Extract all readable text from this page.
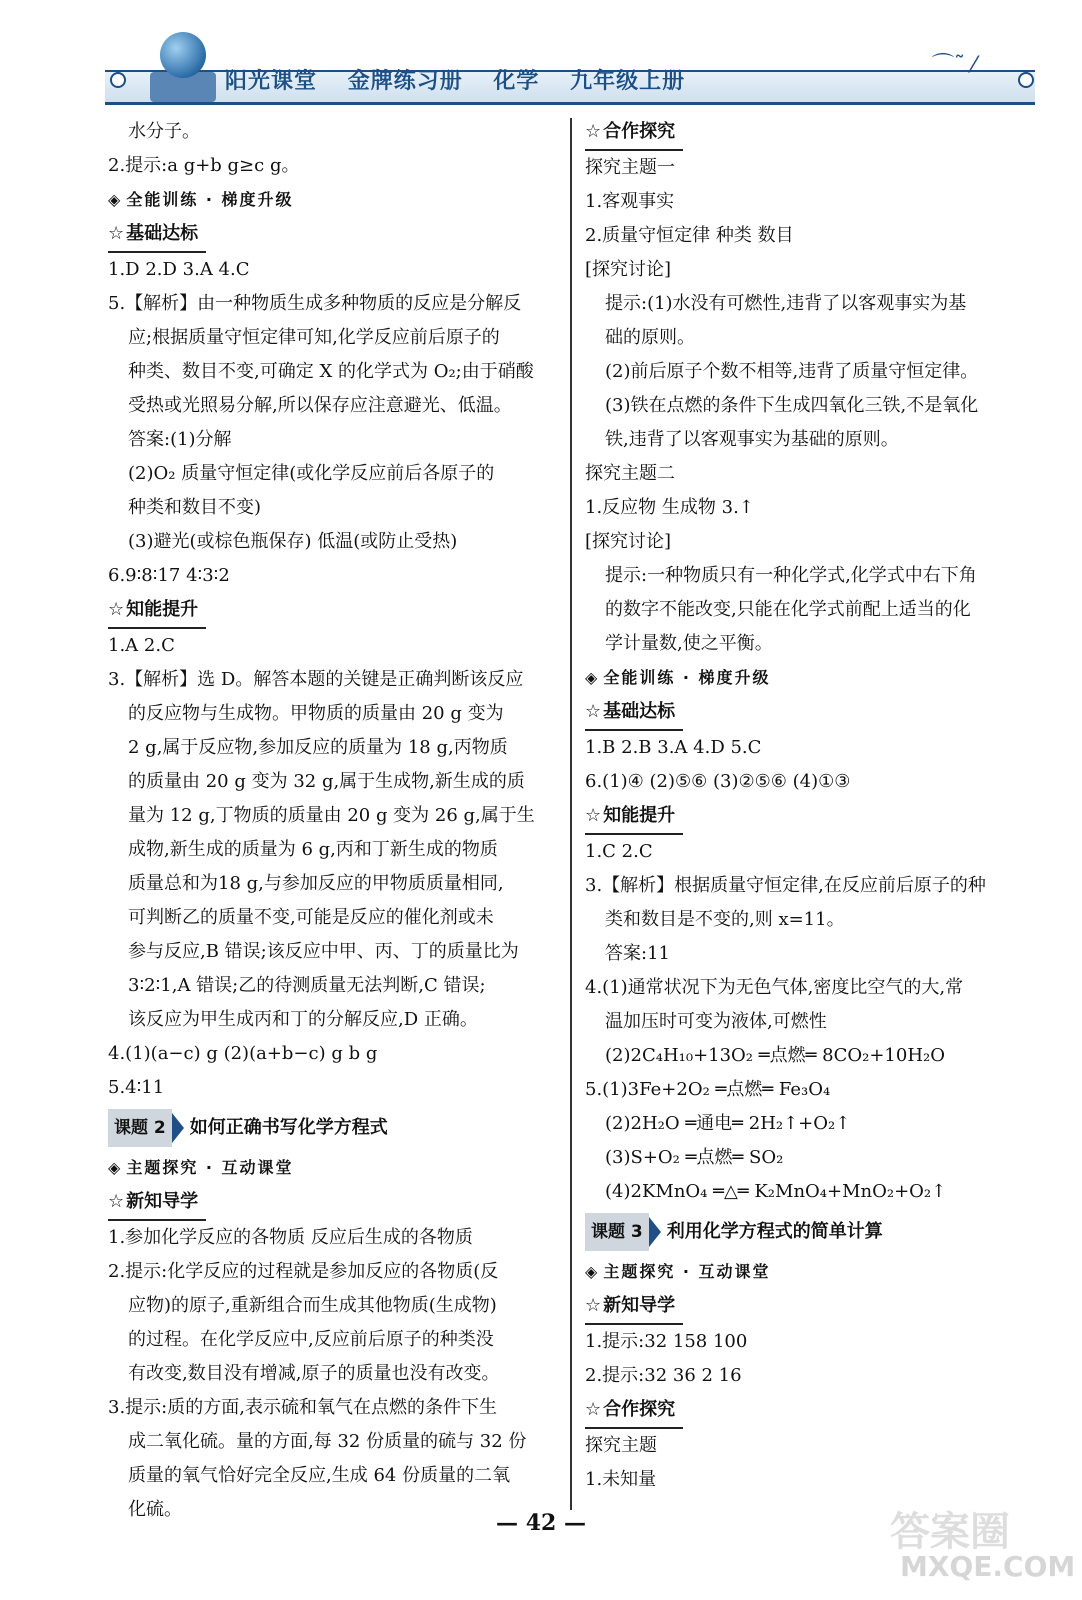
阳光课堂 金牌练习册 化学 九年级上册
⌒˜ ⁄
水分子。
2.提示:a g+b g≥c g。
◈ 全能训练 · 梯度升级
☆ 基础达标
1.D 2.D 3.A 4.C
5.【解析】由一种物质生成多种物质的反应是分解反
应;根据质量守恒定律可知,化学反应前后原子的
种类、数目不变,可确定 X 的化学式为 O₂;由于硝酸
受热或光照易分解,所以保存应注意避光、低温。
答案:(1)分解
(2)O₂ 质量守恒定律(或化学反应前后各原子的
种类和数目不变)
(3)避光(或棕色瓶保存) 低温(或防止受热)
6.9∶8∶17 4∶3∶2
☆ 知能提升
1.A 2.C
3.【解析】选 D。解答本题的关键是正确判断该反应
的反应物与生成物。甲物质的质量由 20 g 变为
2 g,属于反应物,参加反应的质量为 18 g,丙物质
的质量由 20 g 变为 32 g,属于生成物,新生成的质
量为 12 g,丁物质的质量由 20 g 变为 26 g,属于生
成物,新生成的质量为 6 g,丙和丁新生成的物质
质量总和为18 g,与参加反应的甲物质质量相同,
可判断乙的质量不变,可能是反应的催化剂或未
参与反应,B 错误;该反应中甲、丙、丁的质量比为
3∶2∶1,A 错误;乙的待测质量无法判断,C 错误;
该反应为甲生成丙和丁的分解反应,D 正确。
4.(1)(a−c) g (2)(a+b−c) g b g
5.4∶11
课题 2	如何正确书写化学方程式
◈ 主题探究 · 互动课堂
☆ 新知导学
1.参加化学反应的各物质 反应后生成的各物质
2.提示:化学反应的过程就是参加反应的各物质(反
应物)的原子,重新组合而生成其他物质(生成物)
的过程。在化学反应中,反应前后原子的种类没
有改变,数目没有增减,原子的质量也没有改变。
3.提示:质的方面,表示硫和氧气在点燃的条件下生
成二氧化硫。量的方面,每 32 份质量的硫与 32 份
质量的氧气恰好完全反应,生成 64 份质量的二氧
化硫。
☆ 合作探究
探究主题一
1.客观事实
2.质量守恒定律 种类 数目
[探究讨论]
提示:(1)水没有可燃性,违背了以客观事实为基
础的原则。
(2)前后原子个数不相等,违背了质量守恒定律。
(3)铁在点燃的条件下生成四氧化三铁,不是氧化
铁,违背了以客观事实为基础的原则。
探究主题二
1.反应物 生成物 3.↑
[探究讨论]
提示:一种物质只有一种化学式,化学式中右下角
的数字不能改变,只能在化学式前配上适当的化
学计量数,使之平衡。
◈ 全能训练 · 梯度升级
☆ 基础达标
1.B 2.B 3.A 4.D 5.C
6.(1)④ (2)⑤⑥ (3)②⑤⑥ (4)①③
☆ 知能提升
1.C 2.C
3.【解析】根据质量守恒定律,在反应前后原子的种
类和数目是不变的,则 x=11。
答案:11
4.(1)通常状况下为无色气体,密度比空气的大,常
温加压时可变为液体,可燃性
(2)2C₄H₁₀+13O₂ ═点燃═ 8CO₂+10H₂O
5.(1)3Fe+2O₂ ═点燃═ Fe₃O₄
(2)2H₂O ═通电═ 2H₂↑+O₂↑
(3)S+O₂ ═点燃═ SO₂
(4)2KMnO₄ ═△═ K₂MnO₄+MnO₂+O₂↑
课题 3	利用化学方程式的简单计算
◈ 主题探究 · 互动课堂
☆ 新知导学
1.提示:32 158 100
2.提示:32 36 2 16
☆ 合作探究
探究主题
1.未知量
— 42 —	答案圈
MXQE.COM
